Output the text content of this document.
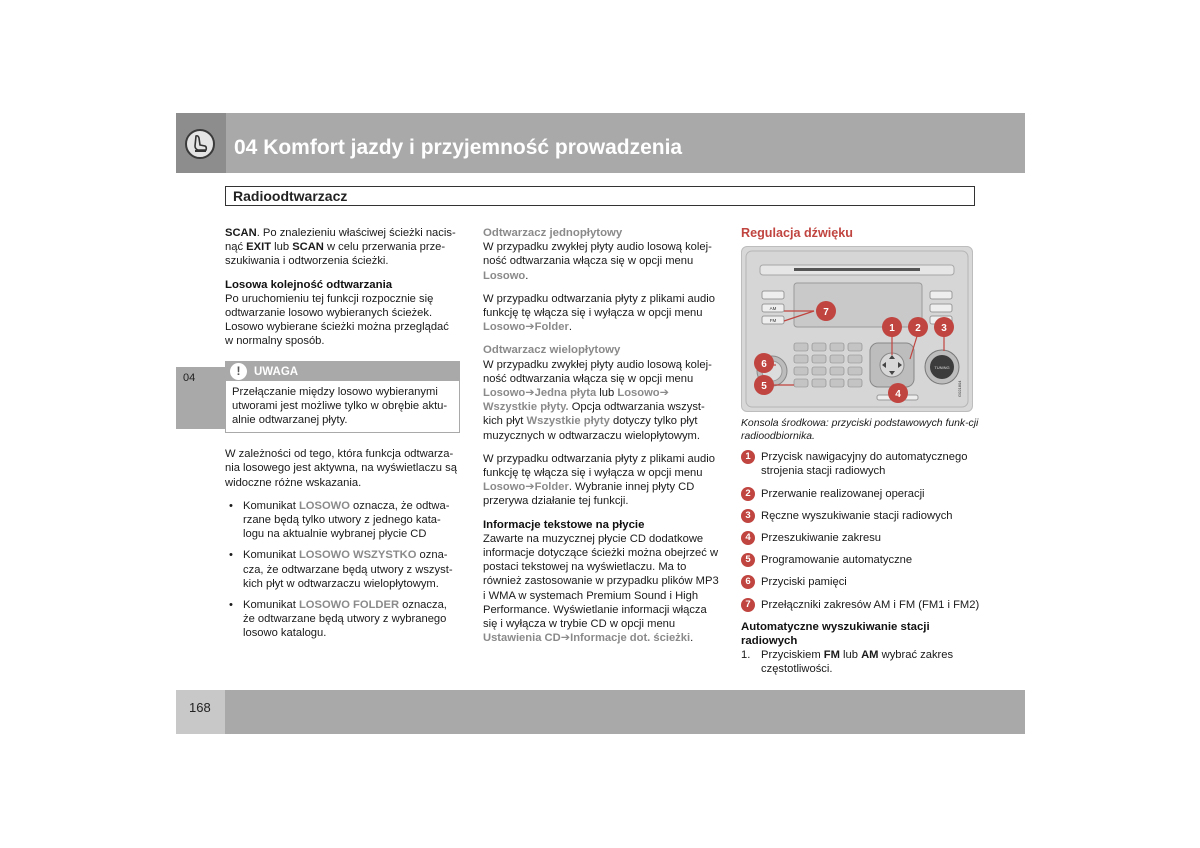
04 Komfort jazdy i przyjemność prowadzenia
Radioodtwarzacz
04
168

SCAN. Po znalezieniu właściwej ścieżki nacis-nąć EXIT lub SCAN w celu przerwania prze-szukiwania i odtworzenia ścieżki.

Losowa kolejność odtwarzania

Po uruchomieniu tej funkcji rozpocznie się odtwarzanie losowo wybieranych ścieżek. Losowo wybierane ścieżki można przeglądać w normalny sposób.

!	UWAGA
Przełączanie między losowo wybieranymi utworami jest możliwe tylko w obrębie aktu-alnie odtwarzanej płyty.

W zależności od tego, która funkcja odtwarza-nia losowego jest aktywna, na wyświetlaczu są widoczne różne wskazania.

• Komunikat LOSOWO oznacza, że odtwa-rzane będą tylko utwory z jednego kata-logu na aktualnie wybranej płycie CD
• Komunikat LOSOWO WSZYSTKO ozna-cza, że odtwarzane będą utwory z wszyst-kich płyt w odtwarzaczu wielopłytowym.
• Komunikat LOSOWO FOLDER oznacza, że odtwarzane będą utwory z wybranego losowo katalogu.
Odtwarzacz jednopłytowy

W przypadku zwykłej płyty audio losową kolej-ność odtwarzania włącza się w opcji menu Losowo.

W przypadku odtwarzania płyty z plikami audio funkcję tę włącza się i wyłącza w opcji menu Losowo➔Folder.

Odtwarzacz wielopłytowy

W przypadku zwykłej płyty audio losową kolej-ność odtwarzania włącza się w opcji menu Losowo➔Jedna płyta lub Losowo➔ Wszystkie płyty. Opcja odtwarzania wszyst-kich płyt Wszystkie płyty dotyczy tylko płyt muzycznych w odtwarzaczu wielopłytowym.

W przypadku odtwarzania płyty z plikami audio funkcję tę włącza się i wyłącza w opcji menu Losowo➔Folder. Wybranie innej płyty CD przerywa działanie tej funkcji.

Informacje tekstowe na płycie

Zawarte na muzycznej płycie CD dodatkowe informacje dotyczące ścieżki można obejrzeć w postaci tekstowej na wyświetlaczu. Ma to również zastosowanie w przypadku plików MP3 i WMA w systemach Premium Sound i High Performance. Wyświetlanie informacji włącza się i wyłącza w trybie CD w opcji menu Ustawienia CD➔Informacje dot. ścieżki.

Regulacja dźwięku
AM
FM
TUNING
G021804
7
1 2 3
4
5
6

Konsola środkowa: przyciski podstawowych funk-cji radioodbiornika.

1 Przycisk nawigacyjny do automatycznego strojenia stacji radiowych
2 Przerwanie realizowanej operacji
3 Ręczne wyszukiwanie stacji radiowych
4 Przeszukiwanie zakresu
5 Programowanie automatyczne
6 Przyciski pamięci
7 Przełączniki zakresów AM i FM (FM1 i FM2)
Automatyczne wyszukiwanie stacji radiowych

1. Przyciskiem FM lub AM wybrać zakres częstotliwości.
